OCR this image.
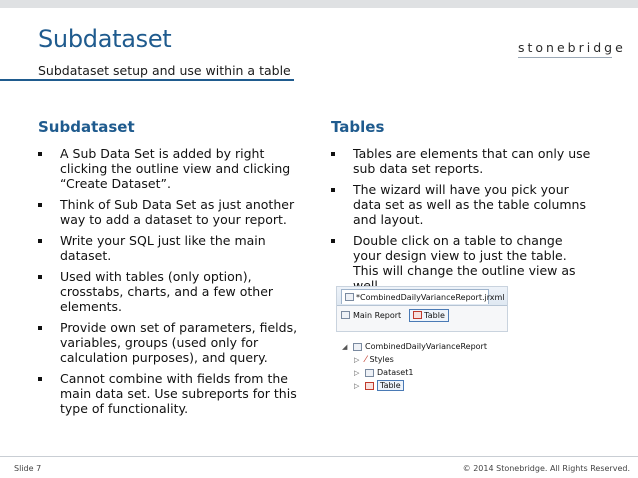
Subdataset	stonebridge
Subdataset setup and use within a table
Subdataset
A Sub Data Set is added by right clicking the outline view and clicking “Create Dataset”.
Think of Sub Data Set as just another way to add a dataset to your report.
Write your SQL just like the main dataset.
Used with tables (only option), crosstabs, charts, and a few other elements.
Provide own set of parameters, fields, variables, groups (used only for calculation purposes), and query.
Cannot combine with fields from the main data set. Use subreports for this type of functionality.
Tables
Tables are elements that can only use sub data set reports.
The wizard will have you pick your data set as well as the table columns and layout.
Double click on a table to change your design view to just the table. This will change the outline view as
*CombinedDailyVarianceReport.jrxml
Main Report	Table
◢	CombinedDailyVarianceReport
▷ ⁄ Styles
▷	Dataset1
▷	Table
Slide 7	© 2014 Stonebridge. All Rights Reserved.
